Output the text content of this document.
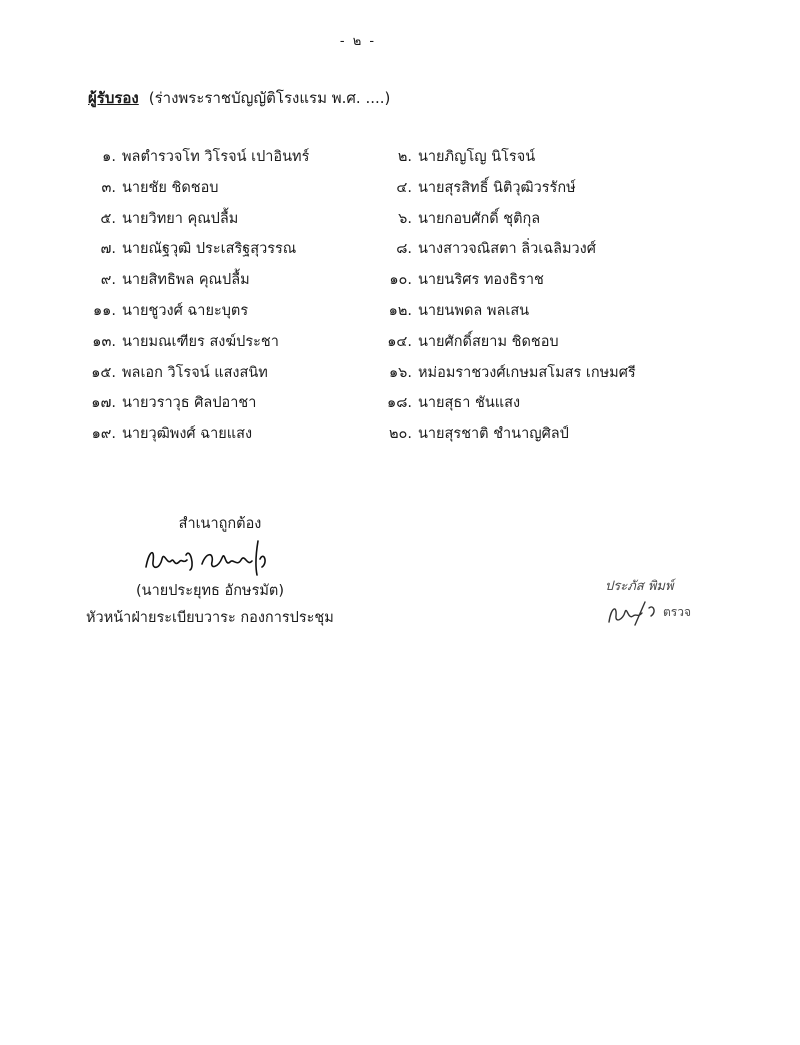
- ๒ -
ผู้รับรอง (ร่างพระราชบัญญัติโรงแรม พ.ศ. ....)
๑. พลตำรวจโท วิโรจน์ เปาอินทร์
๓. นายชัย ชิดชอบ
๕. นายวิทยา คุณปลื้ม
๗. นายณัฐวุฒิ ประเสริฐสุวรรณ
๙. นายสิทธิพล คุณปลื้ม
๑๑. นายชูวงศ์ ฉายะบุตร
๑๓. นายมณเฑียร สงฆ์ประชา
๑๕. พลเอก วิโรจน์ แสงสนิท
๑๗. นายวราวุธ ศิลปอาชา
๑๙. นายวุฒิพงศ์ ฉายแสง
๒. นายภิญโญ นิโรจน์
๔. นายสุรสิทธิ์ นิติวุฒิวรรักษ์
๖. นายกอบศักดิ์ ชุติกุล
๘. นางสาวจณิสตา ลิ่วเฉลิมวงศ์
๑๐. นายนริศร ทองธิราช
๑๒. นายนพดล พลเสน
๑๔. นายศักดิ์สยาม ชิดชอบ
๑๖. หม่อมราชวงศ์เกษมสโมสร เกษมศรี
๑๘. นายสุธา ชันแสง
๒๐. นายสุรชาติ ชำนาญศิลป์
สำเนาถูกต้อง
(นายประยุทธ อักษรมัต)
หัวหน้าฝ่ายระเบียบวาระ กองการประชุม
ประภัส พิมพ์
ตรวจ
